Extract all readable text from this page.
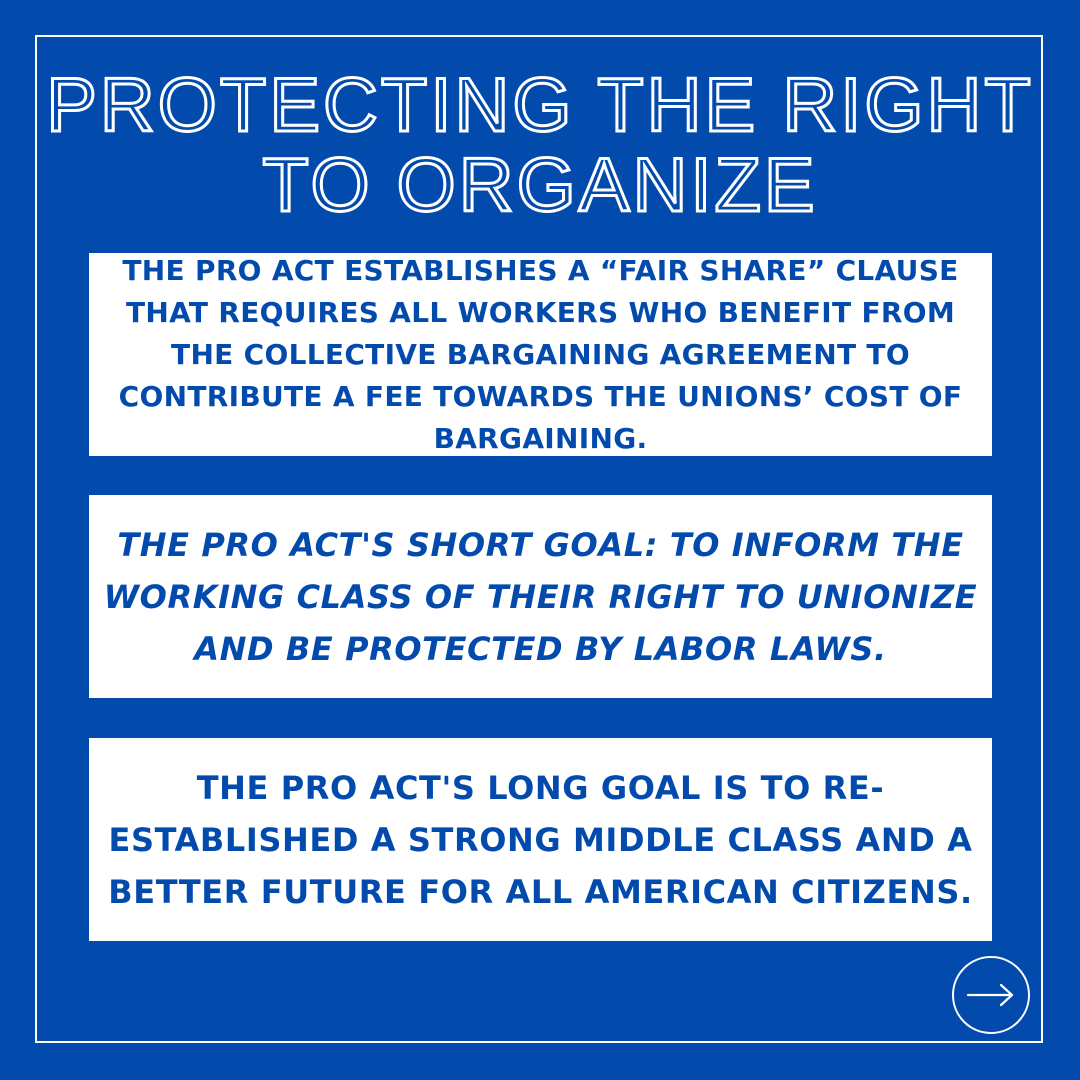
PROTECTING THE RIGHT TO ORGANIZE

THE PRO ACT ESTABLISHES A “FAIR SHARE” CLAUSE THAT REQUIRES ALL WORKERS WHO BENEFIT FROM THE COLLECTIVE BARGAINING AGREEMENT TO CONTRIBUTE A FEE TOWARDS THE UNIONS’ COST OF BARGAINING.

THE PRO ACT'S SHORT GOAL: TO INFORM THE WORKING CLASS OF THEIR RIGHT TO UNIONIZE AND BE PROTECTED BY LABOR LAWS.

THE PRO ACT'S LONG GOAL IS TO RE-ESTABLISHED A STRONG MIDDLE CLASS AND A BETTER FUTURE FOR ALL AMERICAN CITIZENS.
